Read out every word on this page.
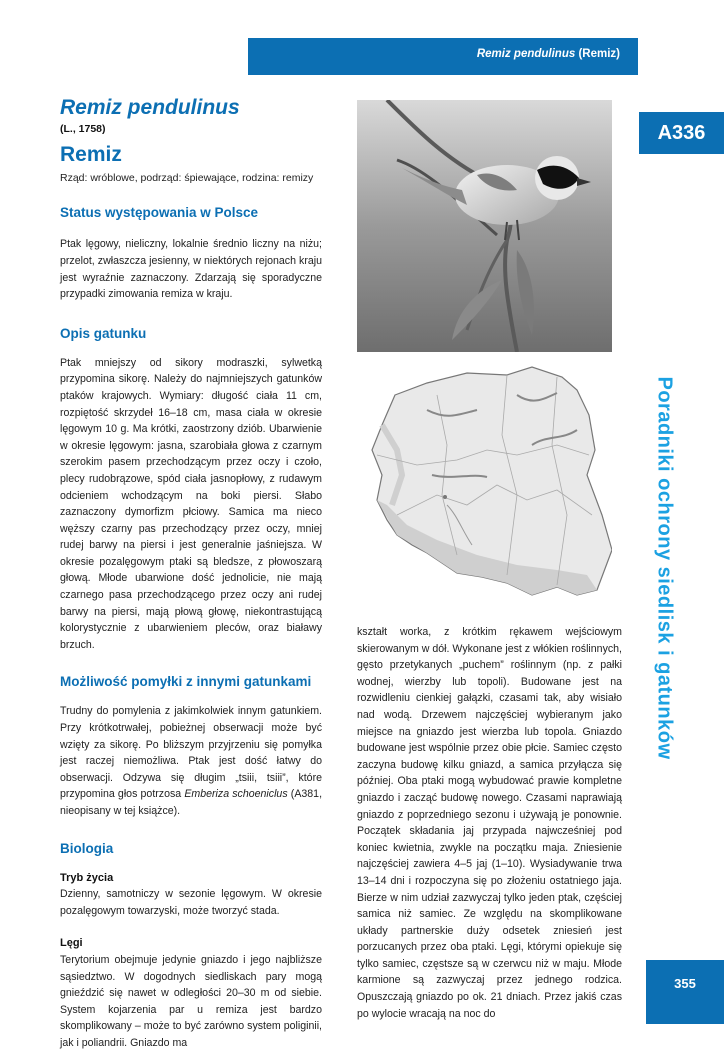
Remiz pendulinus (Remiz)
A336
Poradniki ochrony siedlisk i gatunków
355
Remiz pendulinus
(L., 1758)
Remiz
Rząd: wróblowe, podrząd: śpiewające, rodzina: remizy
Status występowania w Polsce

Ptak lęgowy, nieliczny, lokalnie średnio liczny na niżu; przelot, zwłaszcza jesienny, w niektórych rejonach kraju jest wyraźnie zaznaczony. Zdarzają się sporadyczne przypadki zimowania remiza w kraju.

Opis gatunku

Ptak mniejszy od sikory modraszki, sylwetką przypomina sikorę. Należy do najmniejszych gatunków ptaków krajowych. Wymiary: długość ciała 11 cm, rozpiętość skrzydeł 16–18 cm, masa ciała w okresie lęgowym 10 g. Ma krótki, zaostrzony dziób. Ubarwienie w okresie lęgowym: jasna, szarobiała głowa z czarnym szerokim pasem przechodzącym przez oczy i czoło, plecy rudobrązowe, spód ciała jasnopłowy, z rudawym odcieniem wchodzącym na boki piersi. Słabo zaznaczony dymorfizm płciowy. Samica ma nieco węższy czarny pas przechodzący przez oczy, mniej rudej barwy na piersi i jest generalnie jaśniejsza. W okresie pozalęgowym ptaki są bledsze, z płowoszarą głową. Młode ubarwione dość jednolicie, nie mają czarnego pasa przechodzącego przez oczy ani rudej barwy na piersi, mają płową głowę, niekontrastującą kolorystycznie z ubarwieniem pleców, oraz białawy brzuch.

Możliwość pomyłki z innymi gatunkami

Trudny do pomylenia z jakimkolwiek innym gatunkiem. Przy krótkotrwałej, pobieżnej obserwacji może być wzięty za sikorę. Po bliższym przyjrzeniu się pomyłka jest raczej niemożliwa. Ptak jest dość łatwy do obserwacji. Odzywa się długim „tsiii, tsiii”, które przypomina głos potrzosa Emberiza schoeniclus (A381, nieopisany w tej książce).

Biologia
Tryb życia

Dzienny, samotniczy w sezonie lęgowym. W okresie pozalęgowym towarzyski, może tworzyć stada.

Lęgi

Terytorium obejmuje jedynie gniazdo i jego najbliższe sąsiedztwo. W dogodnych siedliskach pary mogą gnieździć się nawet w odległości 20–30 m od siebie. System kojarzenia par u remiza jest bardzo skomplikowany – może to być zarówno system poliginii, jak i poliandrii. Gniazdo ma

kształt worka, z krótkim rękawem wejściowym skierowanym w dół. Wykonane jest z włókien roślinnych, gęsto przetykanych „puchem” roślinnym (np. z pałki wodnej, wierzby lub topoli). Budowane jest na rozwidleniu cienkiej gałązki, czasami tak, aby wisiało nad wodą. Drzewem najczęściej wybieranym jako miejsce na gniazdo jest wierzba lub topola. Gniazdo budowane jest wspólnie przez obie płcie. Samiec często zaczyna budowę kilku gniazd, a samica przyłącza się później. Oba ptaki mogą wybudować prawie kompletne gniazdo i zacząć budowę nowego. Czasami naprawiają gniazdo z poprzedniego sezonu i używają je ponownie. Początek składania jaj przypada najwcześniej pod koniec kwietnia, zwykle na początku maja. Zniesienie najczęściej zawiera 4–5 jaj (1–10). Wysiadywanie trwa 13–14 dni i rozpoczyna się po złożeniu ostatniego jaja. Bierze w nim udział zazwyczaj tylko jeden ptak, częściej samica niż samiec. Ze względu na skomplikowane układy partnerskie duży odsetek zniesień jest porzucanych przez oba ptaki. Lęgi, którymi opiekuje się tylko samiec, częstsze są w czerwcu niż w maju. Młode karmione są zazwyczaj przez jednego rodzica. Opuszczają gniazdo po ok. 21 dniach. Przez jakiś czas po wylocie wracają na noc do
